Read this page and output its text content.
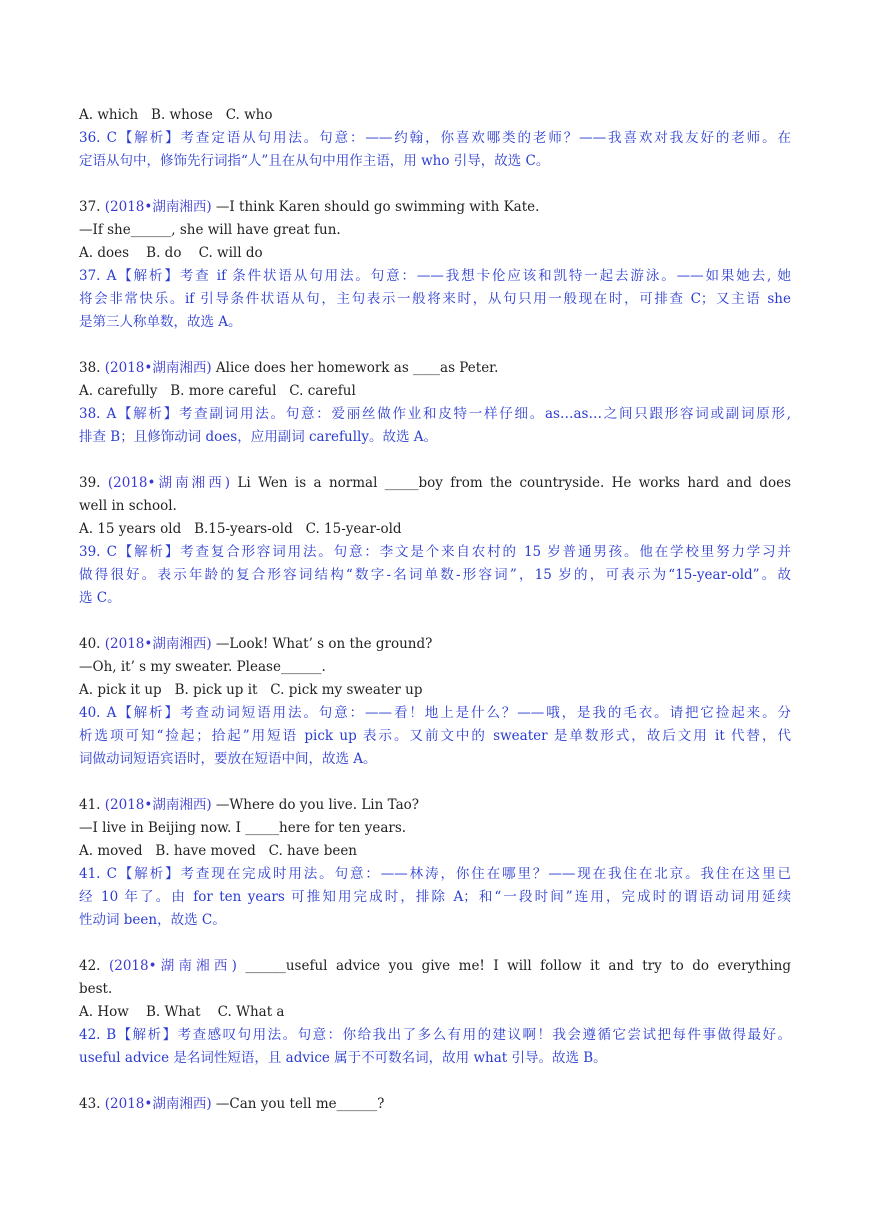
A. which   B. whose   C. who
36. C【解析】考查定语从句用法。句意：——约翰，你喜欢哪类的老师？——我喜欢对我友好的老师。在
定语从句中，修饰先行词指“人”且在从句中用作主语，用 who 引导，故选 C。
37. (2018•湖南湘西) —I think Karen should go swimming with Kate.
—If she______, she will have great fun.
A. does    B. do    C. will do
37. A【解析】考查 if 条件状语从句用法。句意：——我想卡伦应该和凯特一起去游泳。——如果她去, 她
将会非常快乐。if 引导条件状语从句，主句表示一般将来时，从句只用一般现在时，可排查 C；又主语 she
是第三人称单数，故选 A。
38. (2018•湖南湘西) Alice does her homework as ____as Peter.
A. carefully   B. more careful   C. careful
38. A【解析】考查副词用法。句意：爱丽丝做作业和皮特一样仔细。as…as…之间只跟形容词或副词原形,
排查 B；且修饰动词 does，应用副词 carefully。故选 A。
39. (2018•湖南湘西) Li Wen is a normal _____boy from the countryside. He works hard and does
well in school.
A. 15 years old   B.15-years-old   C. 15-year-old
39. C【解析】考查复合形容词用法。句意：李文是个来自农村的 15 岁普通男孩。他在学校里努力学习并
做得很好。表示年龄的复合形容词结构“数字-名词单数-形容词”，15 岁的，可表示为“15-year-old”。故
选 C。
40. (2018•湖南湘西) —Look! What’ s on the ground?
—Oh, it’ s my sweater. Please______.
A. pick it up   B. pick up it   C. pick my sweater up
40. A【解析】考查动词短语用法。句意：——看！地上是什么？——哦，是我的毛衣。请把它捡起来。分
析选项可知“捡起；拾起”用短语 pick up 表示。又前文中的 sweater 是单数形式，故后文用 it 代替，代
词做动词短语宾语时，要放在短语中间，故选 A。
41. (2018•湖南湘西) —Where do you live. Lin Tao?
—I live in Beijing now. I _____here for ten years.
A. moved   B. have moved   C. have been
41. C【解析】考查现在完成时用法。句意：——林涛，你住在哪里？——现在我住在北京。我住在这里已
经 10 年了。由 for ten years 可推知用完成时，排除 A；和“一段时间”连用，完成时的谓语动词用延续
性动词 been，故选 C。
42. (2018•湖南湘西) ______useful advice you give me! I will follow it and try to do everything
best.
A. How    B. What    C. What a
42. B【解析】考查感叹句用法。句意：你给我出了多么有用的建议啊！我会遵循它尝试把每件事做得最好。
useful advice 是名词性短语，且 advice 属于不可数名词，故用 what 引导。故选 B。
43. (2018•湖南湘西) —Can you tell me______?
